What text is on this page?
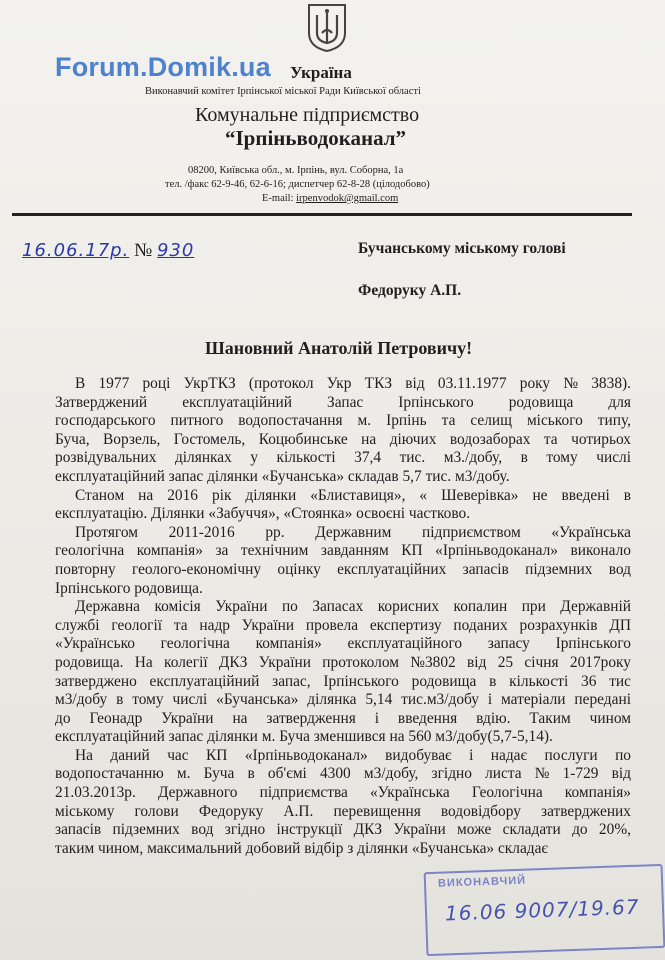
Forum.Domik.ua Україна
Виконавчий комітет Ірпінської міської Ради Київської області
Комунальне підприємство
“Ірпіньводоканал”
08200, Київська обл., м. Ірпінь, вул. Соборна, 1а
тел. /факс 62-9-46, 62-6-16; диспетчер 62-8-28 (цілодобово)
E-mail: irpenvodok@gmail.com
16.06.17р. № 930	Бучанському міському голові
Федоруку А.П.
Шановний Анатолій Петровичу!
В 1977 році УкрТКЗ (протокол Укр ТКЗ від 03.11.1977 року № 3838).
Затверджений експлуатаційний Запас Ірпінського родовища для
господарського питного водопостачання м. Ірпінь та селищ міського типу,
Буча, Ворзель, Гостомель, Коцюбинське на діючих водозаборах та чотирьох
розвідувальних ділянках у кількості 37,4 тис. м3./добу, в тому числі
експлуатаційний запас ділянки «Бучанська» складав 5,7 тис. м3/добу.
Станом на 2016 рік ділянки «Блиставиця», « Шеверівка» не введені в
експлуатацію. Ділянки «Забуччя», «Стоянка» освоєні частково.
Протягом 2011-2016 рр. Державним підприємством «Українська
геологічна компанія» за технічним завданням КП «Ірпіньводоканал» виконало
повторну геолого-економічну оцінку експлуатаційних запасів підземних вод
Ірпінського родовища.
Державна комісія України по Запасах корисних копалин при Державній
службі геології та надр України провела експертизу поданих розрахунків ДП
«Українсько геологічна компанія» експлуатаційного запасу Ірпінського
родовища. На колегії ДКЗ України протоколом №3802 від 25 січня 2017року
затверджено експлуатаційний запас, Ірпінського родовища в кількості 36 тис
м3/добу в тому числі «Бучанська» ділянка 5,14 тис.м3/добу і матеріали передані
до Геонадр України на затвердження і введення вдію. Таким чином
експлуатаційний запас ділянки м. Буча зменшився на 560 м3/добу(5,7-5,14).
На даний час КП «Ірпіньводоканал» видобуває і надає послуги по
водопостачанню м. Буча в об'ємі 4300 м3/добу, згідно листа № 1-729 від
21.03.2013р. Державного підприємства «Українська Геологічна компанія»
міському голови Федоруку А.П. перевищення водовідбору затверджених
запасів підземних вод згідно інструкції ДКЗ України може складати до 20%,
таким чином, максимальний добовий відбір з ділянки «Бучанська» складає
ВИКОНАВЧИЙ
16.06 9007/19.67
